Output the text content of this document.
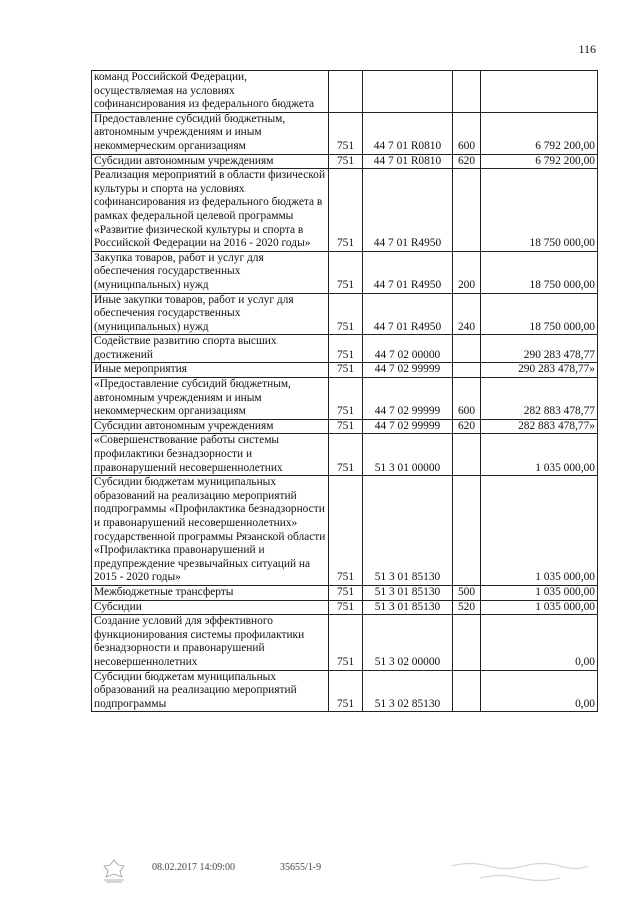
116
команд Российской Федерации, осуществляемая на условиях софинансирования из федерального бюджета				
Предоставление субсидий бюджетным, автономным учреждениям и иным некоммерческим организациям	751	44 7 01 R0810	600	6 792 200,00
Субсидии автономным учреждениям	751	44 7 01 R0810	620	6 792 200,00
Реализация мероприятий в области физической культуры и спорта на условиях софинансирования из федерального бюджета в рамках федеральной целевой программы «Развитие физической культуры и спорта в Российской Федерации на 2016 - 2020 годы»	751	44 7 01 R4950		18 750 000,00
Закупка товаров, работ и услуг для обеспечения государственных (муниципальных) нужд	751	44 7 01 R4950	200	18 750 000,00
Иные закупки товаров, работ и услуг для обеспечения государственных (муниципальных) нужд	751	44 7 01 R4950	240	18 750 000,00
Содействие развитию спорта высших достижений	751	44 7 02 00000		290 283 478,77
Иные мероприятия	751	44 7 02 99999		290 283 478,77»
«Предоставление субсидий бюджетным, автономным учреждениям и иным некоммерческим организациям	751	44 7 02 99999	600	282 883 478,77
Субсидии автономным учреждениям	751	44 7 02 99999	620	282 883 478,77»
«Совершенствование работы системы профилактики безнадзорности и правонарушений несовершеннолетних	751	51 3 01 00000		1 035 000,00
Субсидии бюджетам муниципальных образований на реализацию мероприятий подпрограммы «Профилактика безнадзорности и правонарушений несовершеннолетних» государственной программы Рязанской области «Профилактика правонарушений и предупреждение чрезвычайных ситуаций на 2015 - 2020 годы»	751	51 3 01 85130		1 035 000,00
Межбюджетные трансферты	751	51 3 01 85130	500	1 035 000,00
Субсидии	751	51 3 01 85130	520	1 035 000,00
Создание условий для эффективного функционирования системы профилактики безнадзорности и правонарушений несовершеннолетних	751	51 3 02 00000		0,00
Субсидии бюджетам муниципальных образований на реализацию мероприятий подпрограммы	751	51 3 02 85130		0,00
08.02.2017 14:09:00	35655/1-9
